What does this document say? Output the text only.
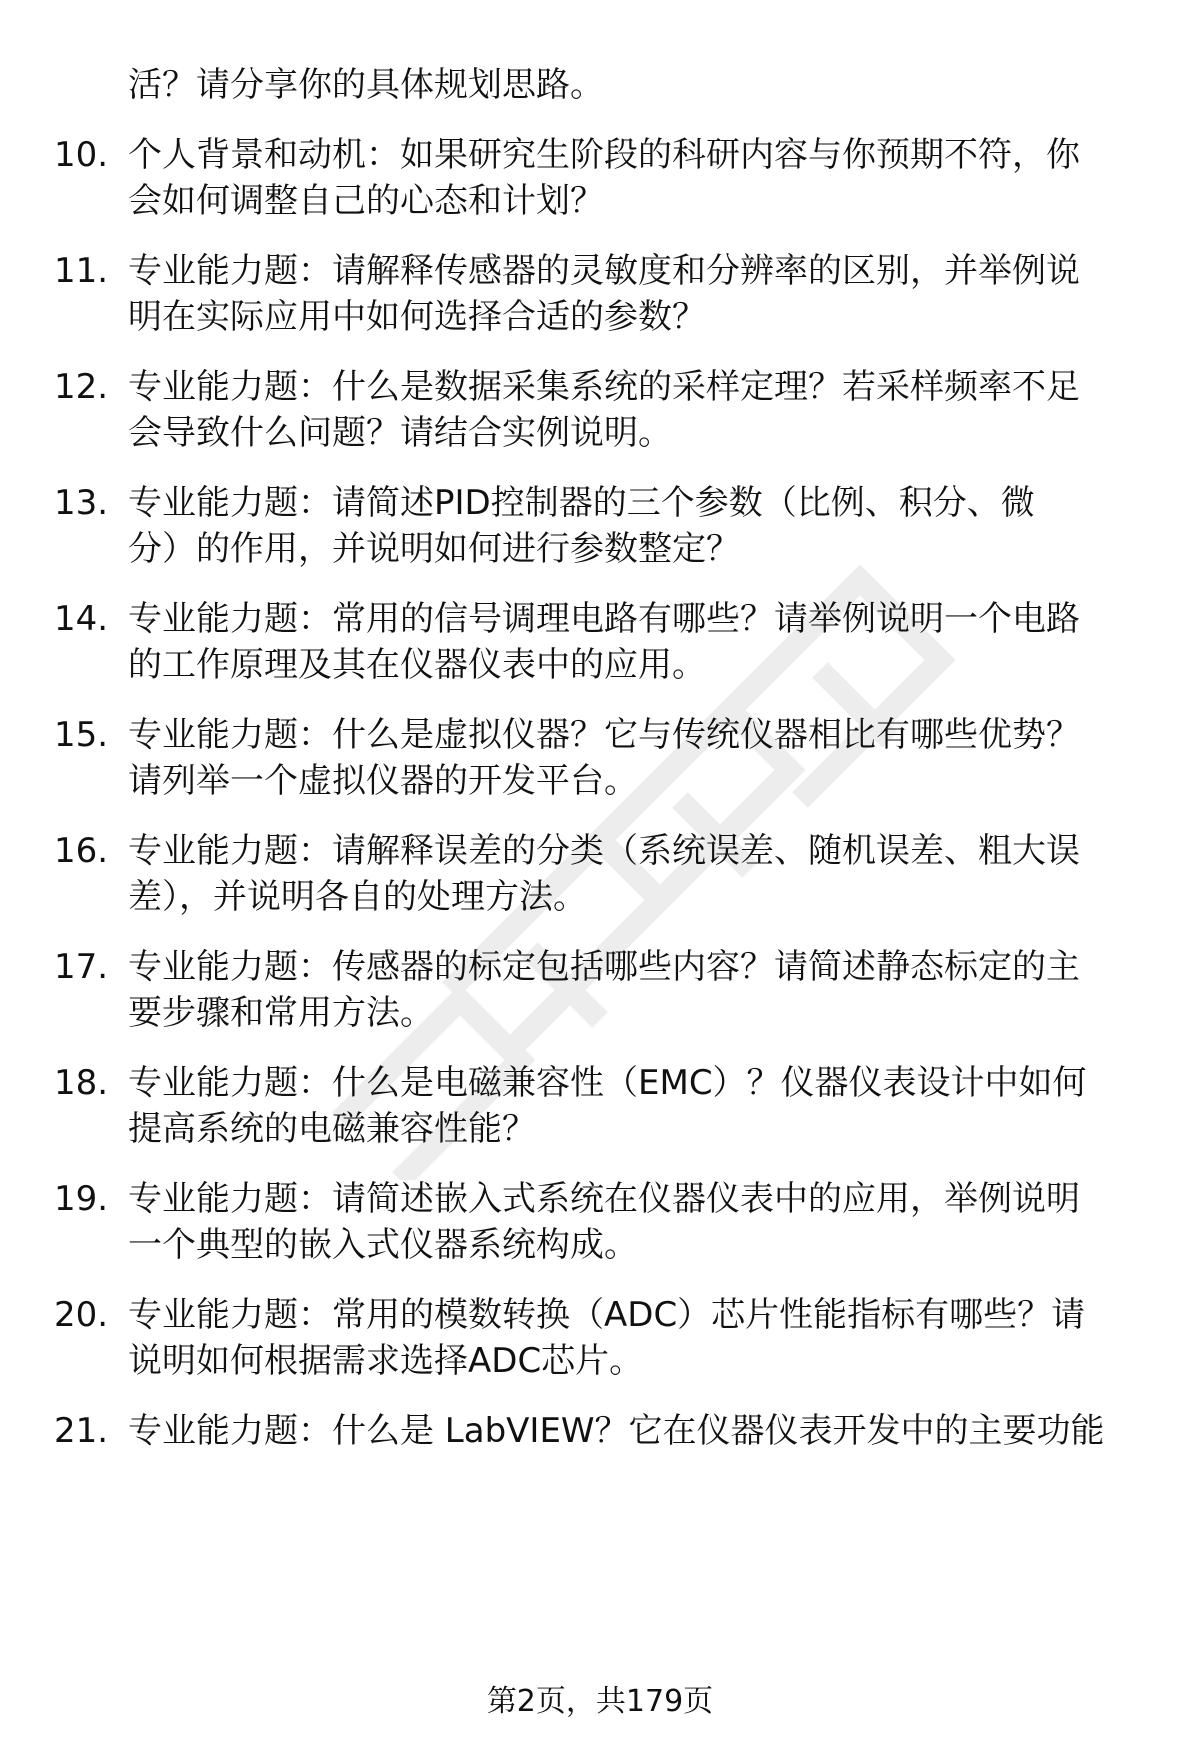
活？请分享你的具体规划思路。
10. 个人背景和动机：如果研究生阶段的科研内容与你预期不符，你
会如何调整自己的心态和计划？
11. 专业能力题：请解释传感器的灵敏度和分辨率的区别，并举例说
明在实际应用中如何选择合适的参数？
12. 专业能力题：什么是数据采集系统的采样定理？若采样频率不足
会导致什么问题？请结合实例说明。
13. 专业能力题：请简述PID控制器的三个参数（比例、积分、微
分）的作用，并说明如何进行参数整定？
14. 专业能力题：常用的信号调理电路有哪些？请举例说明一个电路
的工作原理及其在仪器仪表中的应用。
15. 专业能力题：什么是虚拟仪器？它与传统仪器相比有哪些优势？
请列举一个虚拟仪器的开发平台。
16. 专业能力题：请解释误差的分类（系统误差、随机误差、粗大误
差），并说明各自的处理方法。
17. 专业能力题：传感器的标定包括哪些内容？请简述静态标定的主
要步骤和常用方法。
18. 专业能力题：什么是电磁兼容性（EMC）？仪器仪表设计中如何
提高系统的电磁兼容性能？
19. 专业能力题：请简述嵌入式系统在仪器仪表中的应用，举例说明
一个典型的嵌入式仪器系统构成。
20. 专业能力题：常用的模数转换（ADC）芯片性能指标有哪些？请
说明如何根据需求选择ADC芯片。
21. 专业能力题：什么是 LabVIEW？它在仪器仪表开发中的主要功能
第2页，共179页
